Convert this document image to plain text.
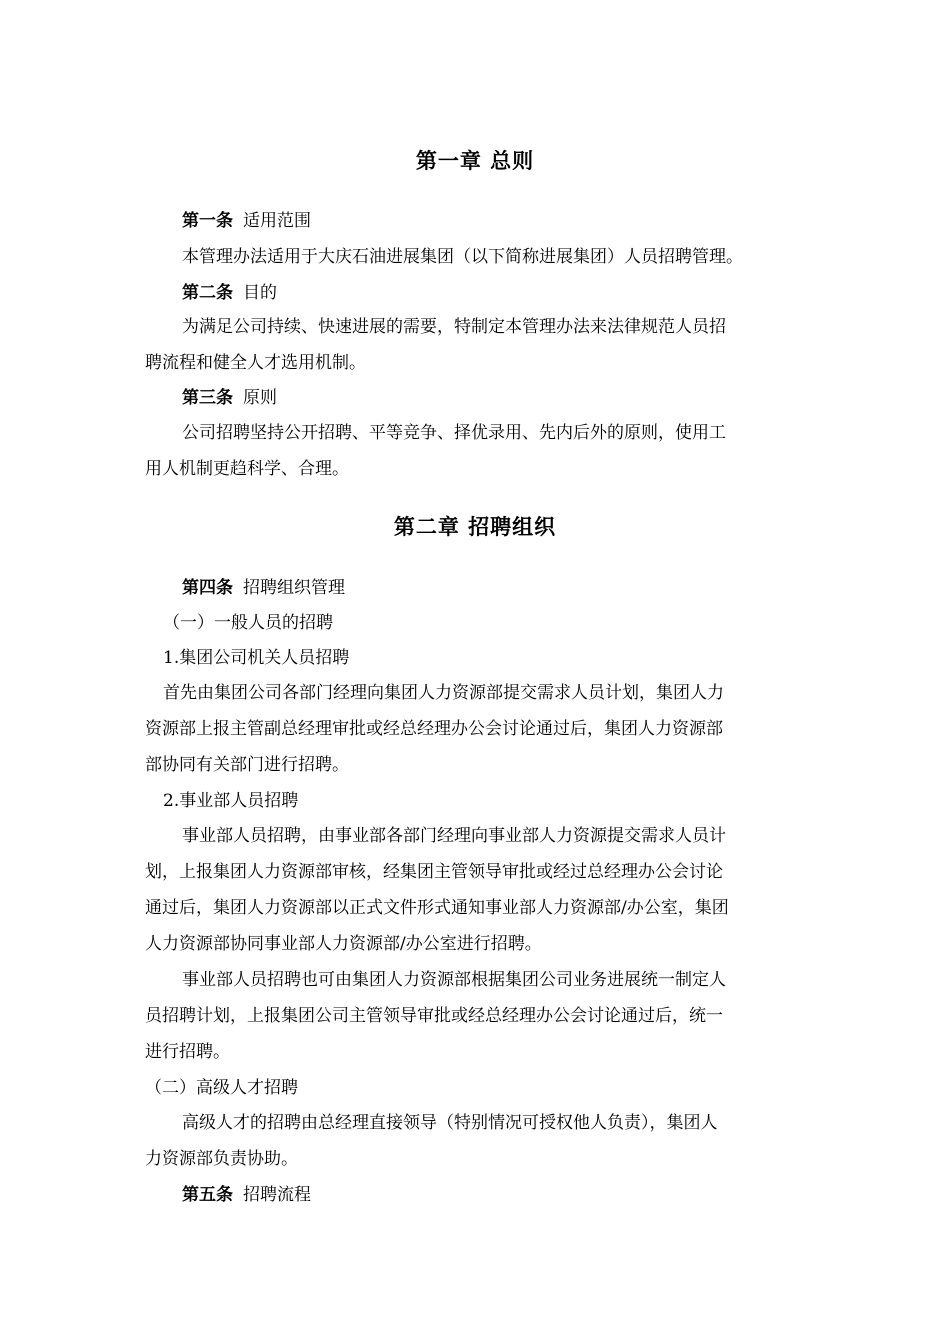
第一章 总则
第一条 适用范围
本管理办法适用于大庆石油进展集团（以下简称进展集团）人员招聘管理。
第二条 目的
为满足公司持续、快速进展的需要，特制定本管理办法来法律规范人员招
聘流程和健全人才选用机制。
第三条 原则
公司招聘坚持公开招聘、平等竞争、择优录用、先内后外的原则，使用工
用人机制更趋科学、合理。
第二章 招聘组织
第四条 招聘组织管理
（一）一般人员的招聘
1.集团公司机关人员招聘
首先由集团公司各部门经理向集团人力资源部提交需求人员计划，集团人力
资源部上报主管副总经理审批或经总经理办公会讨论通过后，集团人力资源部
部协同有关部门进行招聘。
2.事业部人员招聘
事业部人员招聘，由事业部各部门经理向事业部人力资源提交需求人员计
划，上报集团人力资源部审核，经集团主管领导审批或经过总经理办公会讨论
通过后，集团人力资源部以正式文件形式通知事业部人力资源部/办公室，集团
人力资源部协同事业部人力资源部/办公室进行招聘。
事业部人员招聘也可由集团人力资源部根据集团公司业务进展统一制定人
员招聘计划，上报集团公司主管领导审批或经总经理办公会讨论通过后，统一
进行招聘。
（二）高级人才招聘
高级人才的招聘由总经理直接领导（特别情况可授权他人负责），集团人
力资源部负责协助。
第五条 招聘流程
